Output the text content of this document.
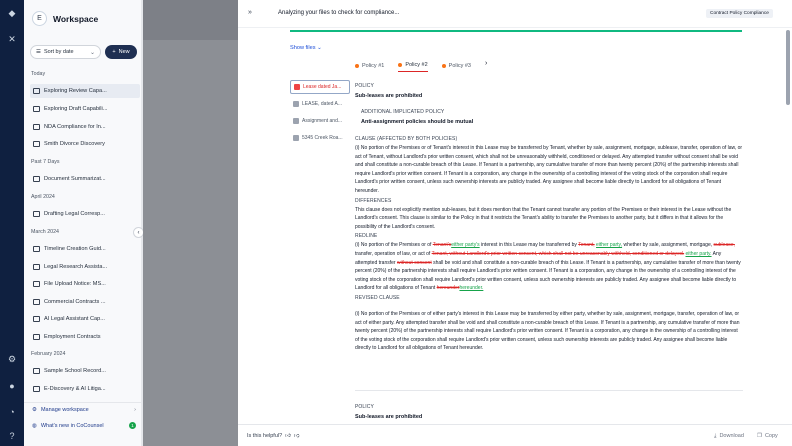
◆
✕
⚙
●
◔
?
E	Workspace
☰ Sort by date	⌄	+ New
Today
Exploring Review Capa...
Exploring Draft Capabili...
NDA Compliance for In...
Smith Divorce Discovery
Past 7 Days
Document Summarizat...
April 2024
Drafting Legal Corresp...
March 2024
Timeline Creation Guid...
Legal Research Assista...
File Upload Notice: MS...
Commercial Contracts ...
AI Legal Assistant Cap...
Employment Contracts
February 2024
Sample School Record...
E-Discovery & AI Litiga...
⚙ Manage workspace	›
◍ What's new in CoCounsel	1
‹
»	Analyzing your files to check for compliance...	Contract Policy Compliance
Show files ⌄
Policy #1	Policy #2	Policy #3 ›
Lease dated Ja...
LEASE, dated A...
Assignment and...
5345 Creek Roa...
POLICY
Sub-leases are prohibited
ADDITIONAL IMPLICATED POLICY
Anti-assignment policies should be mutual
CLAUSE (AFFECTED BY BOTH POLICIES)
(i) No portion of the Premises or of Tenant's interest in this Lease may be transferred by Tenant, whether by sale, assignment, mortgage, sublease, transfer, operation of law, or act of Tenant, without Landlord's prior written consent, which shall not be unreasonably withheld, conditioned or delayed. Any attempted transfer without consent shall be void and shall constitute a non-curable breach of this Lease. If Tenant is a partnership, any cumulative transfer of more than twenty percent (20%) of the partnership interests shall require Landlord's prior written consent. If Tenant is a corporation, any change in the ownership of a controlling interest of the voting stock of the corporation shall require Landlord's prior written consent, unless such ownership interests are publicly traded. Any assignee shall become liable directly to Landlord for all obligations of Tenant hereunder.
DIFFERENCES
This clause does not explicitly mention sub-leases, but it does mention that the Tenant cannot transfer any portion of the Premises or their interest in the Lease without the Landlord's consent. This clause is similar to the Policy in that it restricts the Tenant's ability to transfer the Premises to another party, but it differs in that it allows for the possibility of the Landlord's consent.
REDLINE
(i) No portion of the Premises or of Tenant'seither party's interest in this Lease may be transferred by Tenant, either party, whether by sale, assignment, mortgage, sublease, transfer, operation of law, or act of Tenant, without Landlord's prior written consent, which shall not be unreasonably withheld, conditioned or delayed. either party. Any attempted transfer without consent shall be void and shall constitute a non-curable breach of this Lease. If Tenant is a partnership, any cumulative transfer of more than twenty percent (20%) of the partnership interests shall require Landlord's prior written consent. If Tenant is a corporation, any change in the ownership of a controlling interest of the voting stock of the corporation shall require Landlord's prior written consent, unless such ownership interests are publicly traded. Any assignee shall become liable directly to Landlord for all obligations of Tenant hereunderhereunder.
REVISED CLAUSE
(i) No portion of the Premises or of either party's interest in this Lease may be transferred by either party, whether by sale, assignment, mortgage, transfer, operation of law, or act of either party. Any attempted transfer shall be void and shall constitute a non-curable breach of this Lease. If Tenant is a partnership, any cumulative transfer of more than twenty percent (20%) of the partnership interests shall require Landlord's prior written consent. If Tenant is a corporation, any change in the ownership of a controlling interest of the voting stock of the corporation shall require Landlord's prior written consent, unless such ownership interests are publicly traded. Any assignee shall become liable directly to Landlord for all obligations of Tenant hereunder.
POLICY
Sub-leases are prohibited
Is this helpful? 👍︎ 👎︎	⤓ Download ❐ Copy
